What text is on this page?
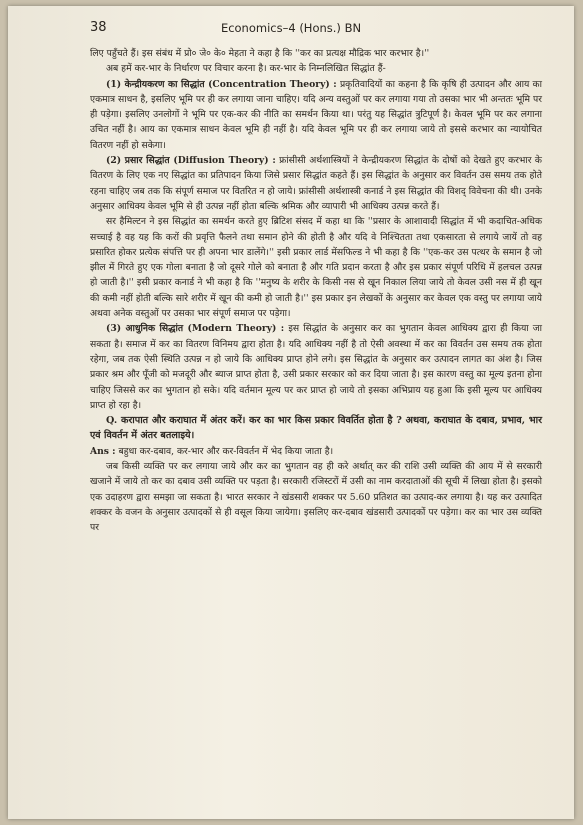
38	Economics–4 (Hons.) BN

लिए पहुँचते हैं। इस संबंध में प्रो० जे० के० मेहता ने कहा है कि ''कर का प्रत्यक्ष मौद्रिक भार करभार है।''

अब हमें कर-भार के निर्धारण पर विचार करना है। कर-भार के निम्नलिखित सिद्धांत हैं-

(1) केन्द्रीयकरण का सिद्धांत (Concentration Theory) : प्रकृतिवादियों का कहना है कि कृषि ही उत्पादन और आय का एकमात्र साधन है, इसलिए भूमि पर ही कर लगाया जाना चाहिए। यदि अन्य वस्तुओं पर कर लगाया गया तो उसका भार भी अन्ततः भूमि पर ही पड़ेगा। इसलिए उनलोगों ने भूमि पर एक-कर की नीति का समर्थन किया था। परंतु यह सिद्धांत त्रुटिपूर्ण है। केवल भूमि पर कर लगाना उचित नहीं है। आय का एकमात्र साधन केवल भूमि ही नहीं है। यदि केवल भूमि पर ही कर लगाया जाये तो इससे करभार का न्यायोचित वितरण नहीं हो सकेगा।

(2) प्रसार सिद्धांत (Diffusion Theory) : फ्रांसीसी अर्थशास्त्रियों ने केन्द्रीयकरण सिद्धांत के दोषों को देखते हुए करभार के वितरण के लिए एक नए सिद्धांत का प्रतिपादन किया जिसे प्रसार सिद्धांत कहते हैं। इस सिद्धांत के अनुसार कर विवर्तन उस समय तक होते रहना चाहिए जब तक कि संपूर्ण समाज पर वितरित न हो जाये। फ्रांसीसी अर्थशास्त्री कनार्ड ने इस सिद्धांत की विशद् विवेचना की थी। उनके अनुसार आधिक्य केवल भूमि से ही उत्पन्न नहीं होता बल्कि श्रमिक और व्यापारी भी आधिक्य उत्पन्न करते हैं।

सर हैमिल्टन ने इस सिद्धांत का समर्थन करते हुए ब्रिटिश संसद में कहा था कि ''प्रसार के आशावादी सिद्धांत में भी कदाचित-अधिक सच्चाई है वह यह कि करों की प्रवृत्ति फैलने तथा समान होने की होती है और यदि वे निश्चितता तथा एकसारता से लगाये जायें तो वह प्रसारित होकर प्रत्येक संपत्ति पर ही अपना भार डालेंगे।'' इसी प्रकार लार्ड मेंसफिल्ड ने भी कहा है कि ''एक-कर उस पत्थर के समान है जो झील में गिरते हुए एक गोला बनाता है जो दूसरे गोले को बनाता है और गति प्रदान करता है और इस प्रकार संपूर्ण परिधि में हलचल उत्पन्न हो जाती है।'' इसी प्रकार कनार्ड ने भी कहा है कि ''मनुष्य के शरीर के किसी नस से खून निकाल लिया जाये तो केवल उसी नस में ही खून की कमी नहीं होती बल्कि सारे शरीर में खून की कमी हो जाती है।'' इस प्रकार इन लेखकों के अनुसार कर केवल एक वस्तु पर लगाया जाये अथवा अनेक वस्तुओं पर उसका भार संपूर्ण समाज पर पड़ेगा।

(3) आधुनिक सिद्धांत (Modern Theory) : इस सिद्धांत के अनुसार कर का भुगतान केवल आधिक्य द्वारा ही किया जा सकता है। समाज में कर का वितरण विनिमय द्वारा होता है। यदि आधिक्य नहीं है तो ऐसी अवस्था में कर का विवर्तन उस समय तक होता रहेगा, जब तक ऐसी स्थिति उत्पन्न न हो जाये कि आधिक्य प्राप्त होने लगे। इस सिद्धांत के अनुसार कर उत्पादन लागत का अंश है। जिस प्रकार श्रम और पूँजी को मजदूरी और ब्याज प्राप्त होता है, उसी प्रकार सरकार को कर दिया जाता है। इस कारण वस्तु का मूल्य इतना होना चाहिए जिससे कर का भुगतान हो सके। यदि वर्तमान मूल्य पर कर प्राप्त हो जाये तो इसका अभिप्राय यह हुआ कि इसी मूल्य पर आधिक्य प्राप्त हो रहा है।

Q. करापात और कराघात में अंतर करें। कर का भार किस प्रकार विवर्तित होता है ? अथवा, कराघात के दबाव, प्रभाव, भार एवं विवर्तन में अंतर बतलाइये।

Ans : बहुधा कर-दबाव, कर-भार और कर-विवर्तन में भेद किया जाता है।

जब किसी व्यक्ति पर कर लगाया जाये और कर का भुगतान वह ही करे अर्थात् कर की राशि उसी व्यक्ति की आय में से सरकारी खजाने में जाये तो कर का दबाव उसी व्यक्ति पर पड़ता है। सरकारी रजिस्टरों में उसी का नाम करदाताओं की सूची में लिखा होता है। इसको एक उदाहरण द्वारा समझा जा सकता है। भारत सरकार ने खंडसारी शक्कर पर 5.60 प्रतिशत का उत्पाद-कर लगाया है। यह कर उत्पादित शक्कर के वजन के अनुसार उत्पादकों से ही वसूल किया जायेगा। इसलिए कर-दबाव खंडसारी उत्पादकों पर पड़ेगा। कर का भार उस व्यक्ति पर
